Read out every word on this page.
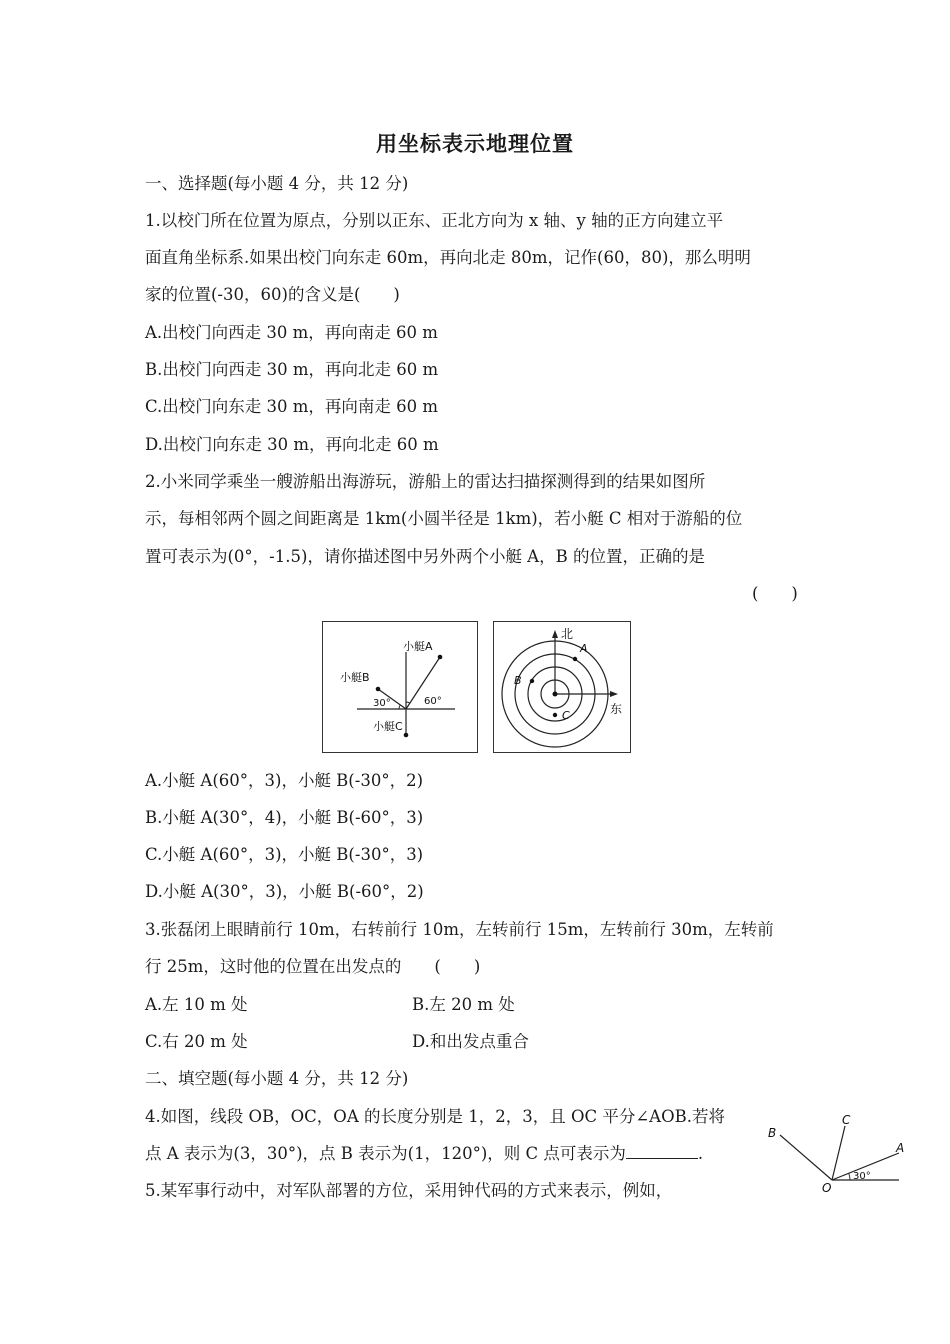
用坐标表示地理位置
一、选择题(每小题 4 分，共 12 分)
1.以校门所在位置为原点，分别以正东、正北方向为 x 轴、y 轴的正方向建立平
面直角坐标系.如果出校门向东走 60m，再向北走 80m，记作(60，80)，那么明明
家的位置(-30，60)的含义是(　　)
A.出校门向西走 30 m，再向南走 60 m
B.出校门向西走 30 m，再向北走 60 m
C.出校门向东走 30 m，再向南走 60 m
D.出校门向东走 30 m，再向北走 60 m
2.小米同学乘坐一艘游船出海游玩，游船上的雷达扫描探测得到的结果如图所
示，每相邻两个圆之间距离是 1km(小圆半径是 1km)，若小艇 C 相对于游船的位
置可表示为(0°，-1.5)，请你描述图中另外两个小艇 A，B 的位置，正确的是
(　　)
小艇A
小艇B
小艇C
30°	60°
北
东
A
B
C
A.小艇 A(60°，3)，小艇 B(-30°，2)
B.小艇 A(30°，4)，小艇 B(-60°，3)
C.小艇 A(60°，3)，小艇 B(-30°，3)
D.小艇 A(30°，3)，小艇 B(-60°，2)
3.张磊闭上眼睛前行 10m，右转前行 10m，左转前行 15m，左转前行 30m，左转前
行 25m，这时他的位置在出发点的　　(　　)
A.左 10 m 处	B.左 20 m 处
C.右 20 m 处	D.和出发点重合
二、填空题(每小题 4 分，共 12 分)
4.如图，线段 OB，OC，OA 的长度分别是 1，2，3，且 OC 平分∠AOB.若将
点 A 表示为(3，30°)，点 B 表示为(1，120°)，则 C 点可表示为	.
B
C
A
O
30°
5.某军事行动中，对军队部署的方位，采用钟代码的方式来表示，例如，
